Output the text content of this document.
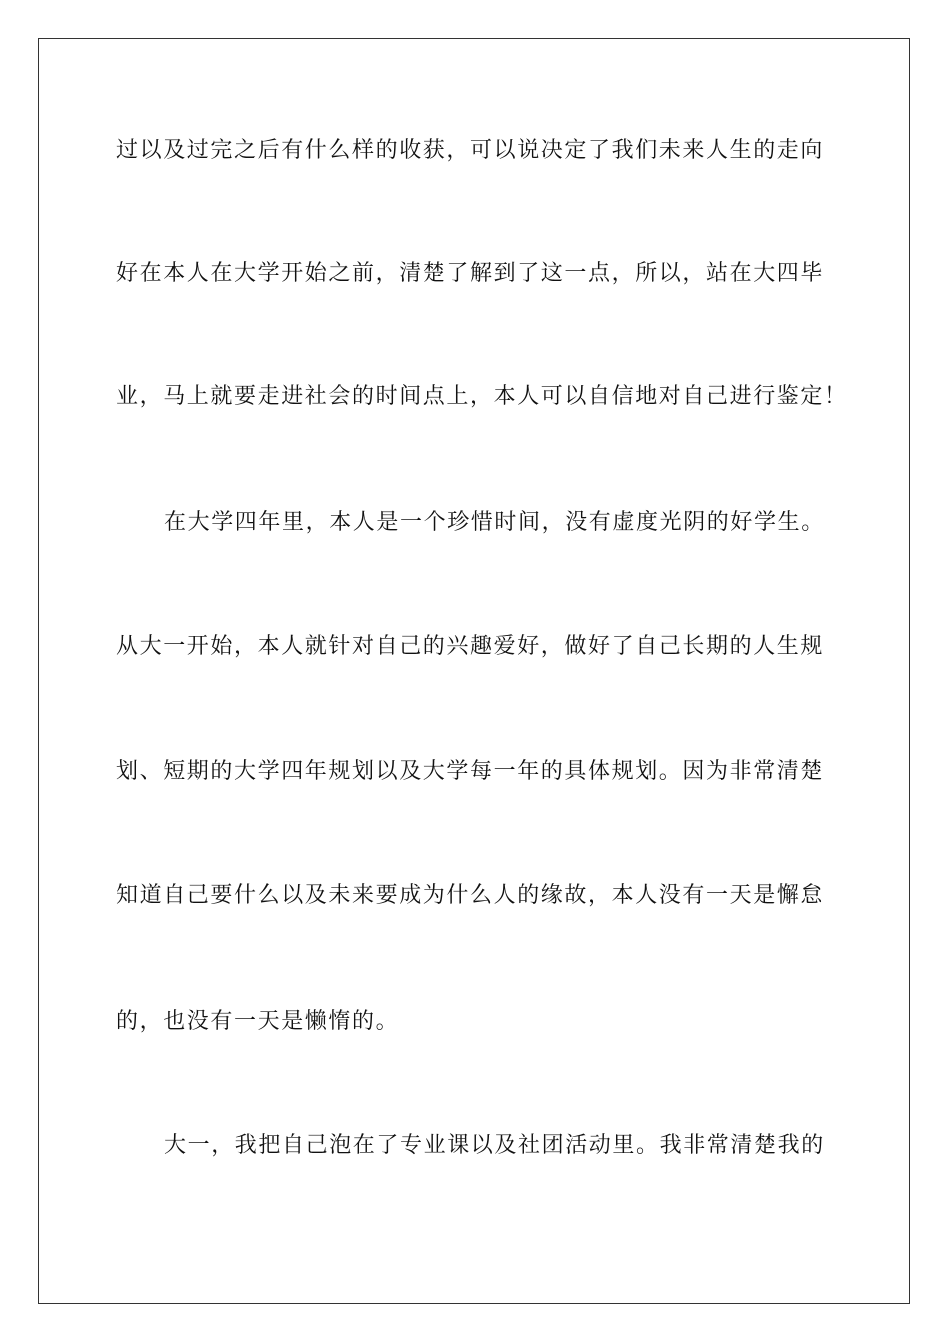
过以及过完之后有什么样的收获，可以说决定了我们未来人生的走向
好在本人在大学开始之前，清楚了解到了这一点，所以，站在大四毕
业，马上就要走进社会的时间点上，本人可以自信地对自己进行鉴定！
在大学四年里，本人是一个珍惜时间，没有虚度光阴的好学生。
从大一开始，本人就针对自己的兴趣爱好，做好了自己长期的人生规
划、短期的大学四年规划以及大学每一年的具体规划。因为非常清楚
知道自己要什么以及未来要成为什么人的缘故，本人没有一天是懈怠
的，也没有一天是懒惰的。
大一，我把自己泡在了专业课以及社团活动里。我非常清楚我的
